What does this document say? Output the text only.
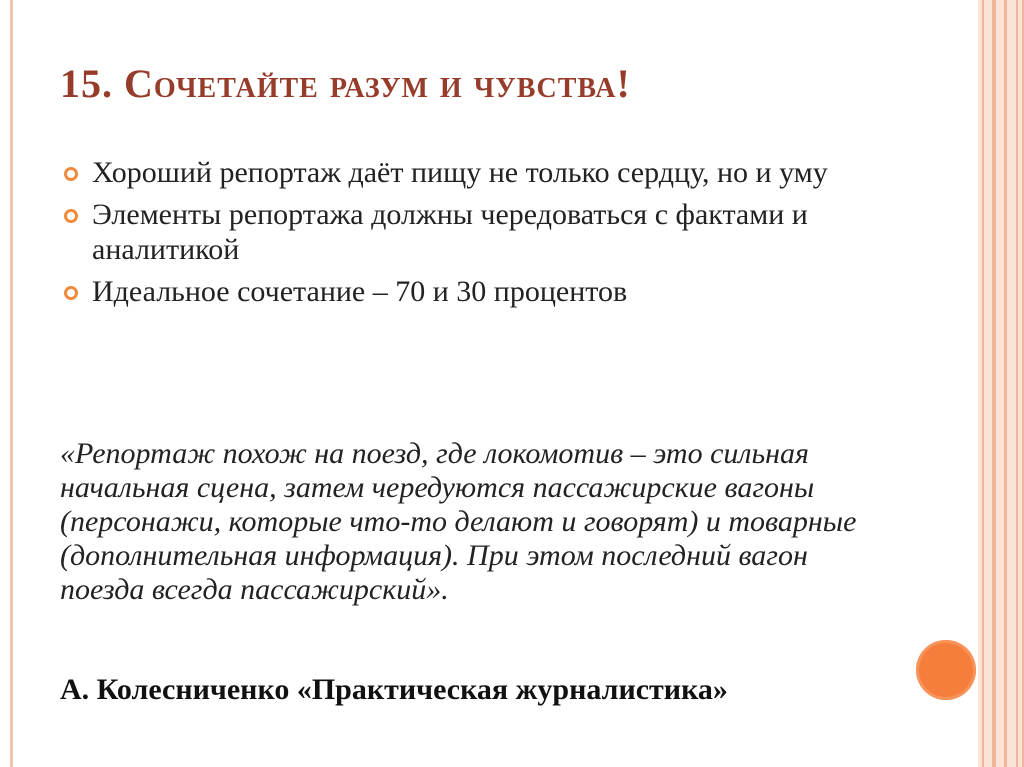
15. Сочетайте разум и чувства!
Хороший репортаж даёт пищу не только сердцу, но и уму
Элементы репортажа должны чередоваться с фактами и аналитикой
Идеальное сочетание – 70 и 30 процентов
«Репортаж похож на поезд, где локомотив – это сильная начальная сцена, затем чередуются пассажирские вагоны (персонажи, которые что-то делают и говорят) и товарные (дополнительная информация). При этом последний вагон поезда всегда пассажирский».
А. Колесниченко «Практическая журналистика»
